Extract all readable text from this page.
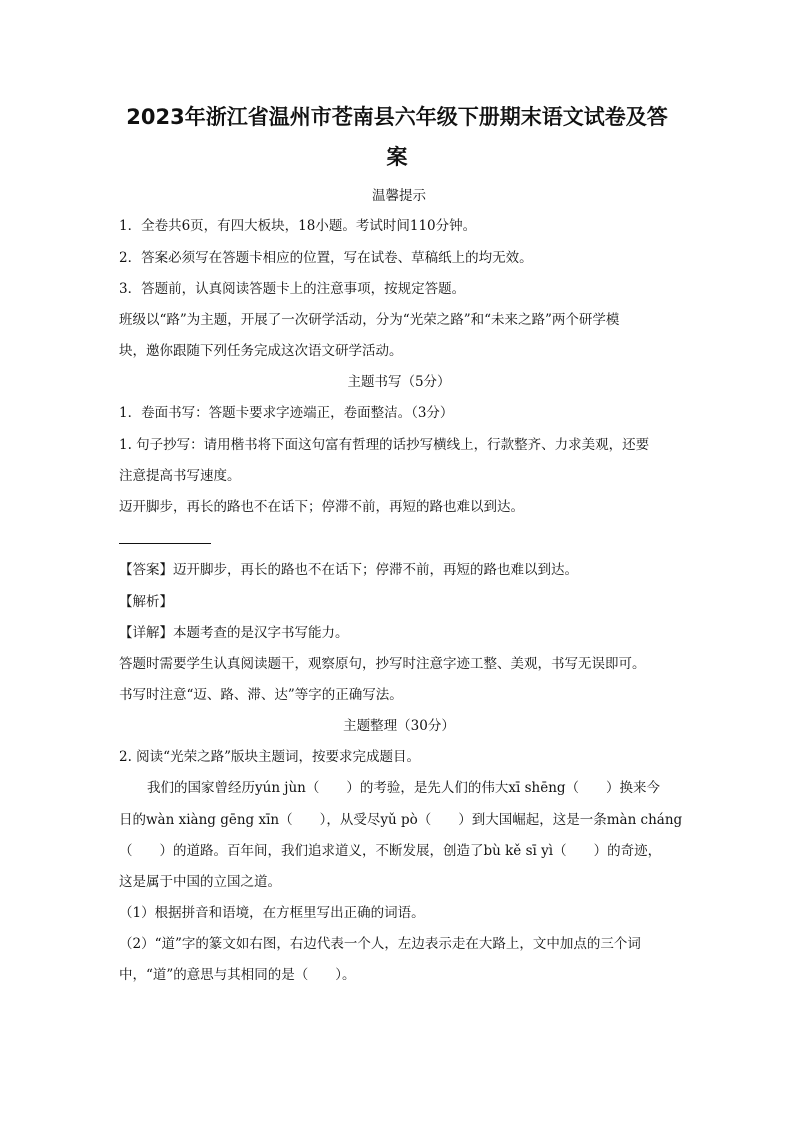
2023年浙江省温州市苍南县六年级下册期末语文试卷及答
案
温馨提示
1．全卷共6页，有四大板块，18小题。考试时间110分钟。
2．答案必须写在答题卡相应的位置，写在试卷、草稿纸上的均无效。
3．答题前，认真阅读答题卡上的注意事项，按规定答题。
班级以“路”为主题，开展了一次研学活动，分为“光荣之路”和“未来之路”两个研学模
块，邀你跟随下列任务完成这次语文研学活动。
主题书写（5分）
1．卷面书写：答题卡要求字迹端正，卷面整洁。（3分）
1. 句子抄写：请用楷书将下面这句富有哲理的话抄写横线上，行款整齐、力求美观，还要
注意提高书写速度。
迈开脚步，再长的路也不在话下；停滞不前，再短的路也难以到达。
【答案】迈开脚步，再长的路也不在话下；停滞不前，再短的路也难以到达。
【解析】
【详解】本题考查的是汉字书写能力。
答题时需要学生认真阅读题干，观察原句，抄写时注意字迹工整、美观，书写无误即可。
书写时注意“迈、路、滞、达”等字的正确写法。
主题整理（30分）
2. 阅读“光荣之路”版块主题词，按要求完成题目。
我们的国家曾经历yún jùn（　　）的考验，是先人们的伟大xī shēng（　　）换来今
日的wàn xiàng gēng xīn（　　），从受尽yǔ pò（　　）到大国崛起，这是一条màn cháng
（　　）的道路。百年间，我们追求道义，不断发展，创造了bù kě sī yì（　　）的奇迹，
这是属于中国的立国之道。
（1）根据拼音和语境，在方框里写出正确的词语。
（2）“道”字的篆文如右图，右边代表一个人，左边表示走在大路上，文中加点的三个词
中，“道”的意思与其相同的是（　　）。
